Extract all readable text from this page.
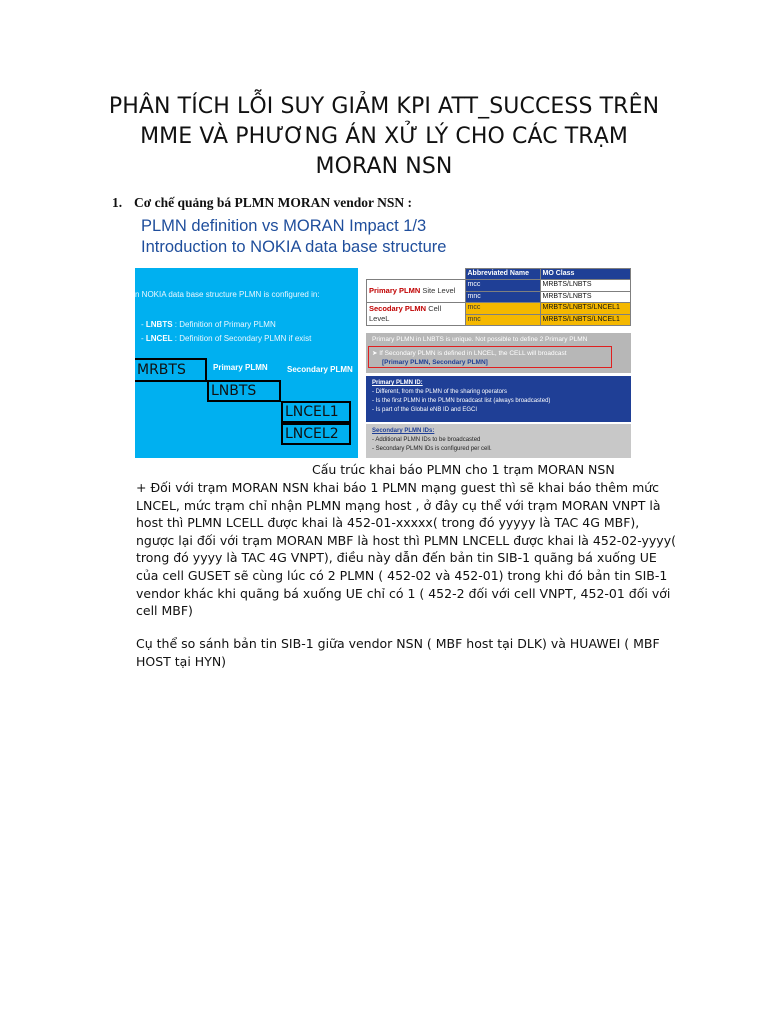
PHÂN TÍCH LỖI SUY GIẢM KPI ATT_SUCCESS TRÊN
MME VÀ PHƯƠNG ÁN XỬ LÝ CHO CÁC TRẠM
MORAN NSN
1. Cơ chế quảng bá PLMN MORAN vendor NSN :
PLMN definition vs MORAN Impact 1/3
Introduction to NOKIA data base structure
n NOKIA data base structure PLMN is configured in:
- LNBTS : Definition of Primary PLMN
- LNCEL : Definition of Secondary PLMN if exist
Primary PLMN Secondary PLMN
MRBTS
LNBTS
LNCEL1
LNCEL2
	Abbreviated Name	MO Class
Primary PLMN Site Level	mcc	MRBTS/LNBTS
	mnc	MRBTS/LNBTS
Secodary PLMN Cell LeveL	mcc	MRBTS/LNBTS/LNCEL1
	mnc	MRBTS/LNBTS/LNCEL1
Primary PLMN in LNBTS is unique. Not possible to define 2 Primary PLMN
➤ If Secondary PLMN is defined in LNCEL, the CELL will broadcast
[Primary PLMN, Secondary PLMN]
Primary PLMN ID:
- Different, from the PLMN of the sharing operators
- Is the first PLMN in the PLMN broadcast list (always broadcasted)
- Is part of the Global eNB ID and EGCI
Secondary PLMN IDs:
- Additional PLMN IDs to be broadcasted
- Secondary PLMN IDs is configured per cell.
Cấu trúc khai báo PLMN cho 1 trạm MORAN NSN
+ Đối với trạm MORAN NSN khai báo 1 PLMN mạng guest thì sẽ khai báo thêm mức
LNCEL, mức trạm chỉ nhận PLMN mạng host , ở đây cụ thể với trạm MORAN VNPT là
host thì PLMN LCELL được khai là 452-01-xxxxx( trong đó yyyyy là TAC 4G MBF),
ngược lại đối với trạm MORAN MBF là host thì PLMN LNCELL được khai là 452-02-yyyy(
trong đó yyyy là TAC 4G VNPT), điều này dẫn đến bản tin SIB-1 quãng bá xuống UE
của cell GUSET sẽ cùng lúc có 2 PLMN ( 452-02 và 452-01) trong khi đó bản tin SIB-1
vendor khác khi quãng bá xuống UE chỉ có 1 ( 452-2 đối với cell VNPT, 452-01 đối với
cell MBF)
Cụ thể so sánh bản tin SIB-1 giữa vendor NSN ( MBF host tại DLK) và HUAWEI ( MBF
HOST tại HYN)
